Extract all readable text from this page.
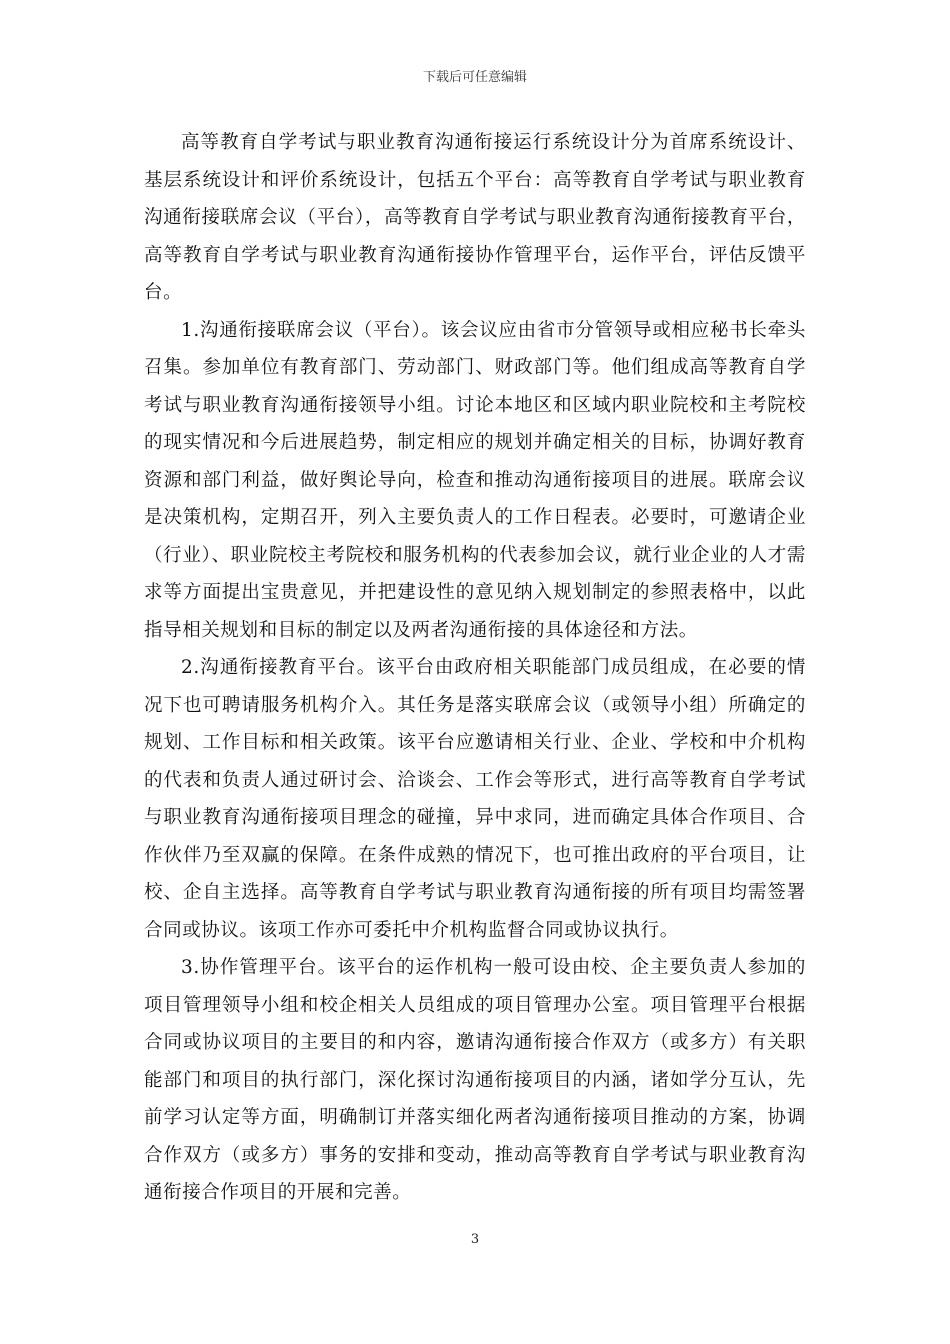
下载后可任意编辑

高等教育自学考试与职业教育沟通衔接运行系统设计分为首席系统设计、基层系统设计和评价系统设计，包括五个平台：高等教育自学考试与职业教育沟通衔接联席会议（平台），高等教育自学考试与职业教育沟通衔接教育平台，高等教育自学考试与职业教育沟通衔接协作管理平台，运作平台，评估反馈平台。

1.沟通衔接联席会议（平台）。该会议应由省市分管领导或相应秘书长牵头召集。参加单位有教育部门、劳动部门、财政部门等。他们组成高等教育自学考试与职业教育沟通衔接领导小组。讨论本地区和区域内职业院校和主考院校的现实情况和今后进展趋势，制定相应的规划并确定相关的目标，协调好教育资源和部门利益，做好舆论导向，检查和推动沟通衔接项目的进展。联席会议是决策机构，定期召开，列入主要负责人的工作日程表。必要时，可邀请企业（行业）、职业院校主考院校和服务机构的代表参加会议，就行业企业的人才需求等方面提出宝贵意见，并把建设性的意见纳入规划制定的参照表格中，以此指导相关规划和目标的制定以及两者沟通衔接的具体途径和方法。

2.沟通衔接教育平台。该平台由政府相关职能部门成员组成，在必要的情况下也可聘请服务机构介入。其任务是落实联席会议（或领导小组）所确定的规划、工作目标和相关政策。该平台应邀请相关行业、企业、学校和中介机构的代表和负责人通过研讨会、洽谈会、工作会等形式，进行高等教育自学考试与职业教育沟通衔接项目理念的碰撞，异中求同，进而确定具体合作项目、合作伙伴乃至双赢的保障。在条件成熟的情况下，也可推出政府的平台项目，让校、企自主选择。高等教育自学考试与职业教育沟通衔接的所有项目均需签署合同或协议。该项工作亦可委托中介机构监督合同或协议执行。

3.协作管理平台。该平台的运作机构一般可设由校、企主要负责人参加的项目管理领导小组和校企相关人员组成的项目管理办公室。项目管理平台根据合同或协议项目的主要目的和内容，邀请沟通衔接合作双方（或多方）有关职能部门和项目的执行部门，深化探讨沟通衔接项目的内涵，诸如学分互认，先前学习认定等方面，明确制订并落实细化两者沟通衔接项目推动的方案，协调合作双方（或多方）事务的安排和变动，推动高等教育自学考试与职业教育沟通衔接合作项目的开展和完善。

3
